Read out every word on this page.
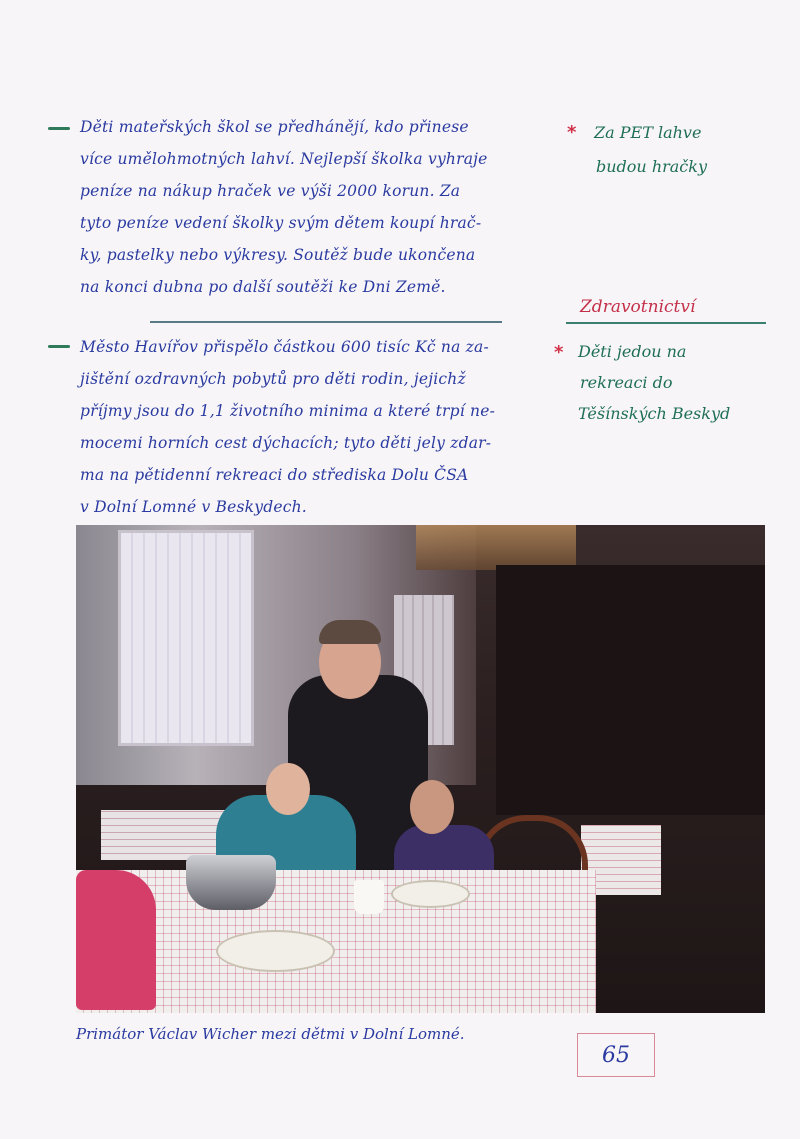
Děti mateřských škol se předhánějí, kdo přinese
více umělohmotných lahví. Nejlepší školka vyhraje
peníze na nákup hraček ve výši 2000 korun. Za
tyto peníze vedení školky svým dětem koupí hrač-
ky, pastelky nebo výkresy. Soutěž bude ukončena
na konci dubna po další soutěži ke Dni Země.
* Za PET lahve
budou hračky
Zdravotnictví
Město Havířov přispělo částkou 600 tisíc Kč na za-
jištění ozdravných pobytů pro děti rodin, jejichž
příjmy jsou do 1,1 životního minima a které trpí ne-
mocemi horních cest dýchacích; tyto děti jely zdar-
ma na pětidenní rekreaci do střediska Dolu ČSA
v Dolní Lomné v Beskydech.
* Děti jedou na
rekreaci do
Těšínských Beskyd
Primátor Václav Wicher mezi dětmi v Dolní Lomné.
65
